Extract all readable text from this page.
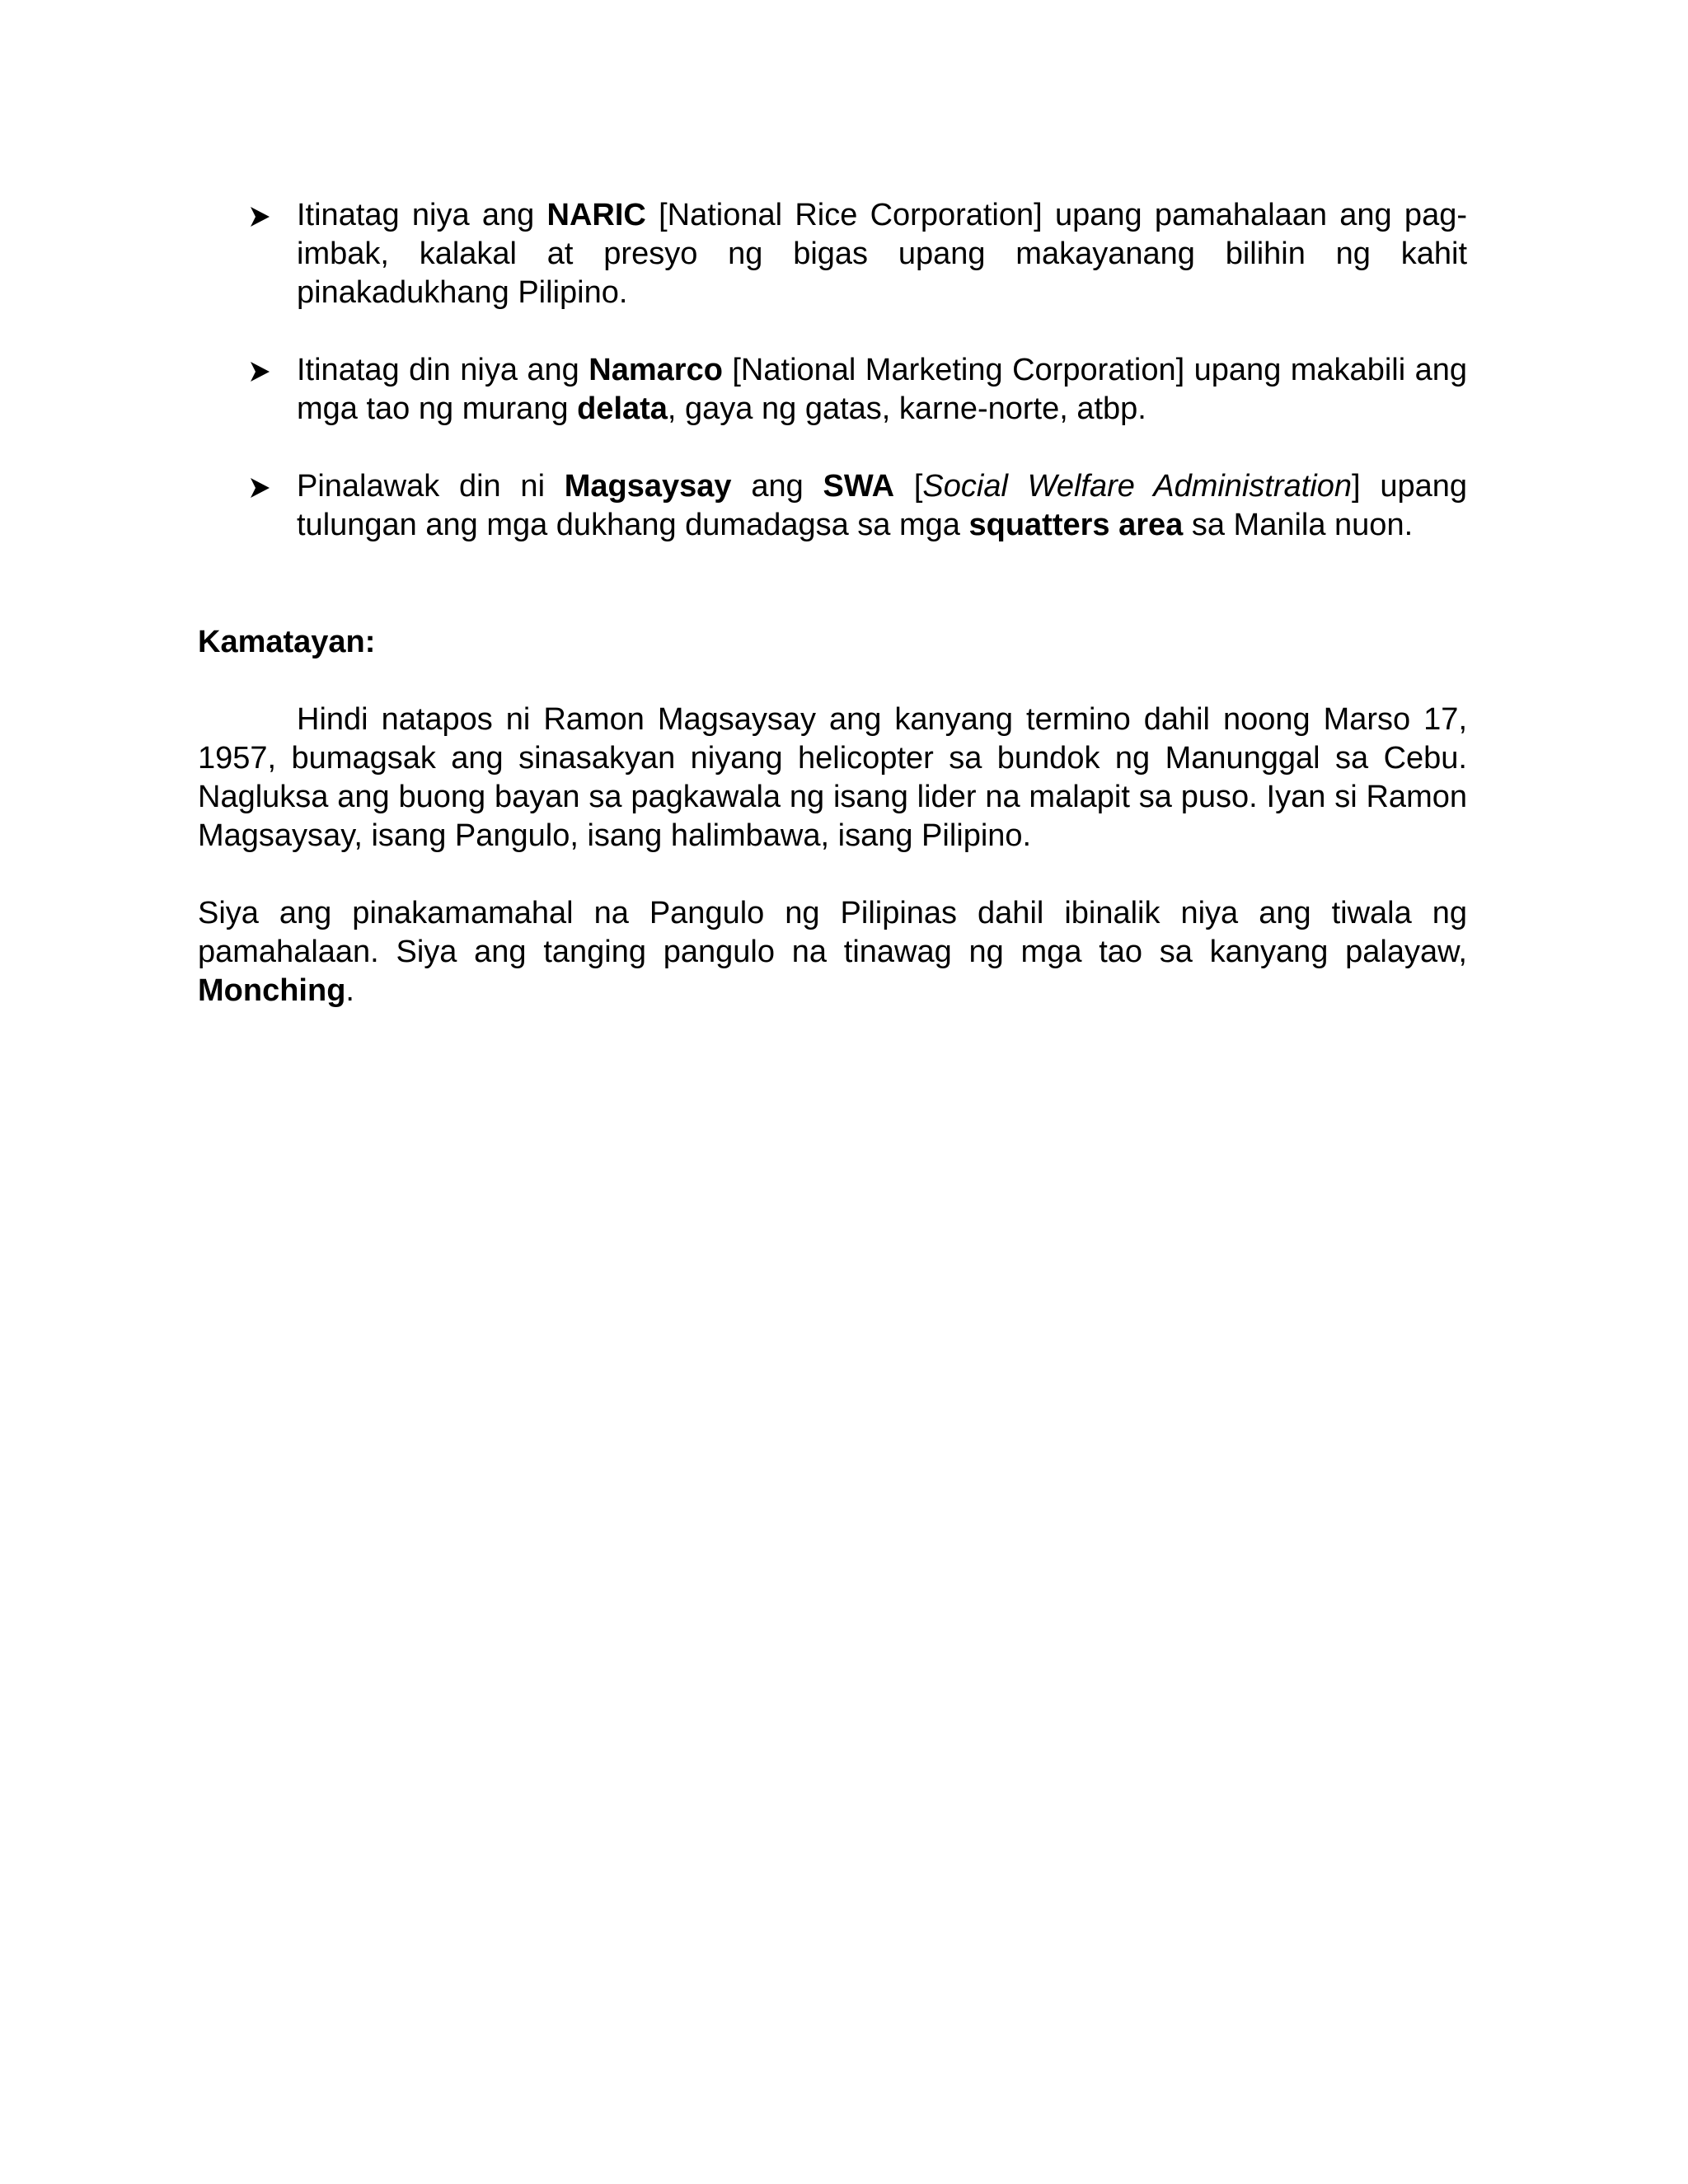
Itinatag niya ang NARIC [National Rice Corporation] upang pamahalaan ang pag-imbak, kalakal at presyo ng bigas upang makayanang bilihin ng kahit pinakadukhang Pilipino.
Itinatag din niya ang Namarco [National Marketing Corporation] upang makabili ang mga tao ng murang delata, gaya ng gatas, karne-norte, atbp.
Pinalawak din ni Magsaysay ang SWA [Social Welfare Administration] upang tulungan ang mga dukhang dumadagsa sa mga squatters area sa Manila nuon.

Kamatayan:

Hindi natapos ni Ramon Magsaysay ang kanyang termino dahil noong Marso 17, 1957, bumagsak ang sinasakyan niyang helicopter sa bundok ng Manunggal sa Cebu. Nagluksa ang buong bayan sa pagkawala ng isang lider na malapit sa puso. Iyan si Ramon Magsaysay, isang Pangulo, isang halimbawa, isang Pilipino.

Siya ang pinakamamahal na Pangulo ng Pilipinas dahil ibinalik niya ang tiwala ng pamahalaan. Siya ang tanging pangulo na tinawag ng mga tao sa kanyang palayaw, Monching.
